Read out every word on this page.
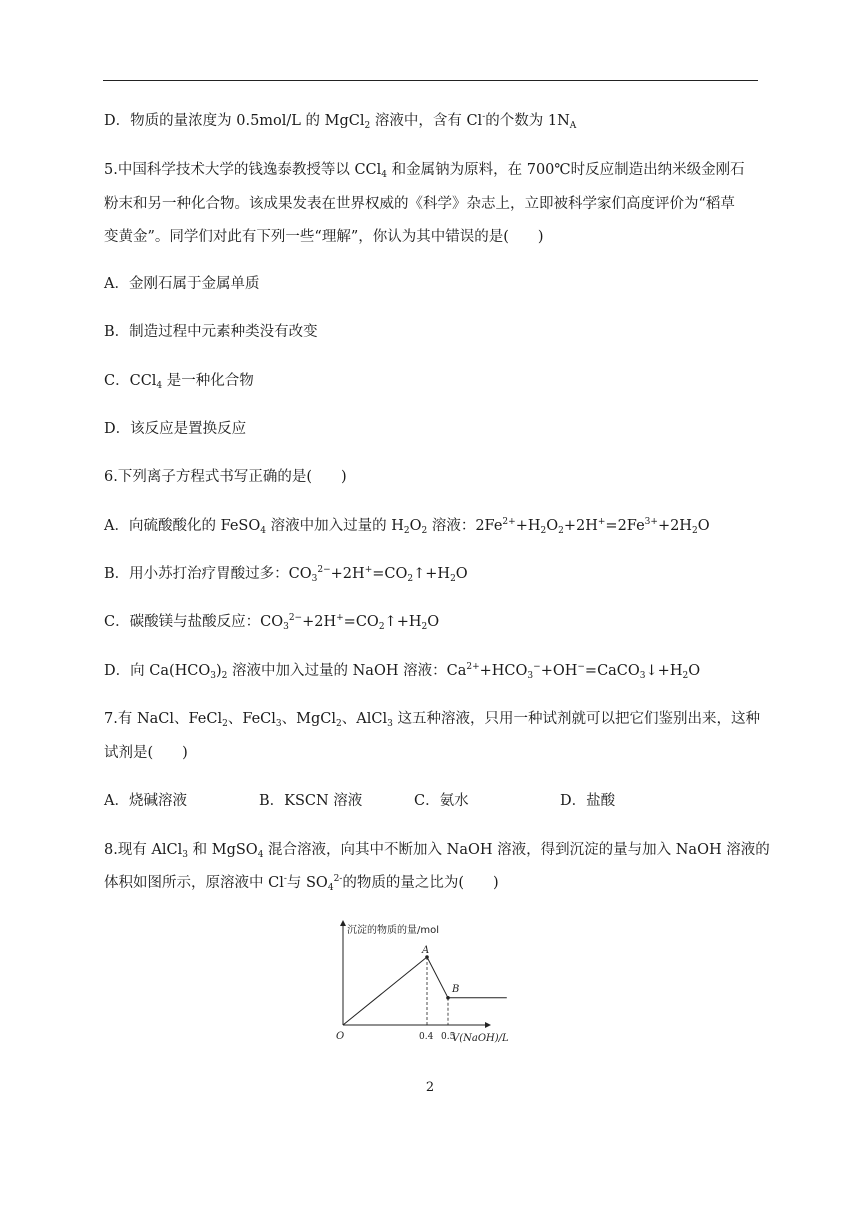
D．物质的量浓度为 0.5mol/L 的 MgCl$_2$ 溶液中，含有 Cl-的个数为 $1N_A$
5.中国科学技术大学的钱逸泰教授等以 CCl$_4$ 和金属钠为原料，在 700℃时反应制造出纳米级金刚石
粉末和另一种化合物。该成果发表在世界权威的《科学》杂志上，立即被科学家们高度评价为“稻草
变黄金”。同学们对此有下列一些“理解”，你认为其中错误的是(　　)
A．金刚石属于金属单质
B．制造过程中元素种类没有改变
C．CCl$_4$ 是一种化合物
D．该反应是置换反应
6.下列离子方程式书写正确的是(　　)
A．向硫酸酸化的 FeSO$_4$ 溶液中加入过量的 $H_2O_2$ 溶液：$2Fe^{2+}+H_2O_2+2H^+=2Fe^{3+}+2H_2O$
B．用小苏打治疗胃酸过多：$CO_3^{2-}+2H^+=CO_2↑+H_2O$
C．碳酸镁与盐酸反应：$CO_3^{2-}+2H^+=CO_2↑+H_2O$
D．向 $Ca(HCO_3)_2$ 溶液中加入过量的 NaOH 溶液：$Ca^{2+}+HCO_3^-+OH^-=CaCO_3↓+H_2O$
7.有 NaCl、FeCl$_2$、FeCl$_3$、MgCl$_2$、AlCl$_3$ 这五种溶液，只用一种试剂就可以把它们鉴别出来，这种
试剂是(　　)
A．烧碱溶液	B．KSCN 溶液	C．氨水	D．盐酸
8.现有 AlCl$_3$ 和 MgSO$_4$ 混合溶液，向其中不断加入 NaOH 溶液，得到沉淀的量与加入 NaOH 溶液的
体积如图所示，原溶液中 Cl-与 $SO_4^{2-}$的物质的量之比为(　　)
沉淀的物质的量/mol
V(NaOH)/L
O
A
B
0.4 0.5
2
